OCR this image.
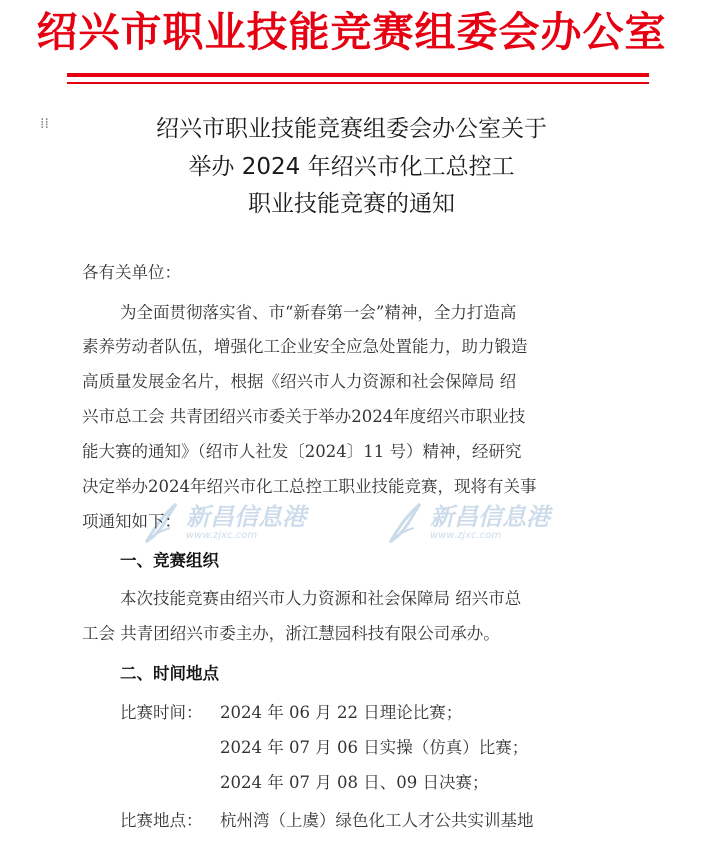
绍兴市职业技能竞赛组委会办公室
⁞⁞	绍兴市职业技能竞赛组委会办公室关于
举办 2024 年绍兴市化工总控工
职业技能竞赛的通知
各有关单位：
为全面贯彻落实省、市“新春第一会”精神，全力打造高
素养劳动者队伍，增强化工企业安全应急处置能力，助力锻造
高质量发展金名片，根据《绍兴市人力资源和社会保障局 绍
兴市总工会 共青团绍兴市委关于举办2024年度绍兴市职业技
能大赛的通知》（绍市人社发〔2024〕11 号）精神，经研究
决定举办2024年绍兴市化工总控工职业技能竞赛，现将有关事
项通知如下：
一、竞赛组织
本次技能竞赛由绍兴市人力资源和社会保障局 绍兴市总
工会 共青团绍兴市委主办，浙江慧园科技有限公司承办。
二、时间地点
比赛时间： 2024 年 06 月 22 日理论比赛；
2024 年 07 月 06 日实操（仿真）比赛；
2024 年 07 月 08 日、09 日决赛；
比赛地点： 杭州湾（上虞）绿色化工人才公共实训基地
新昌信息港
www.zjxc.com
新昌信息港
www.zjxc.com
